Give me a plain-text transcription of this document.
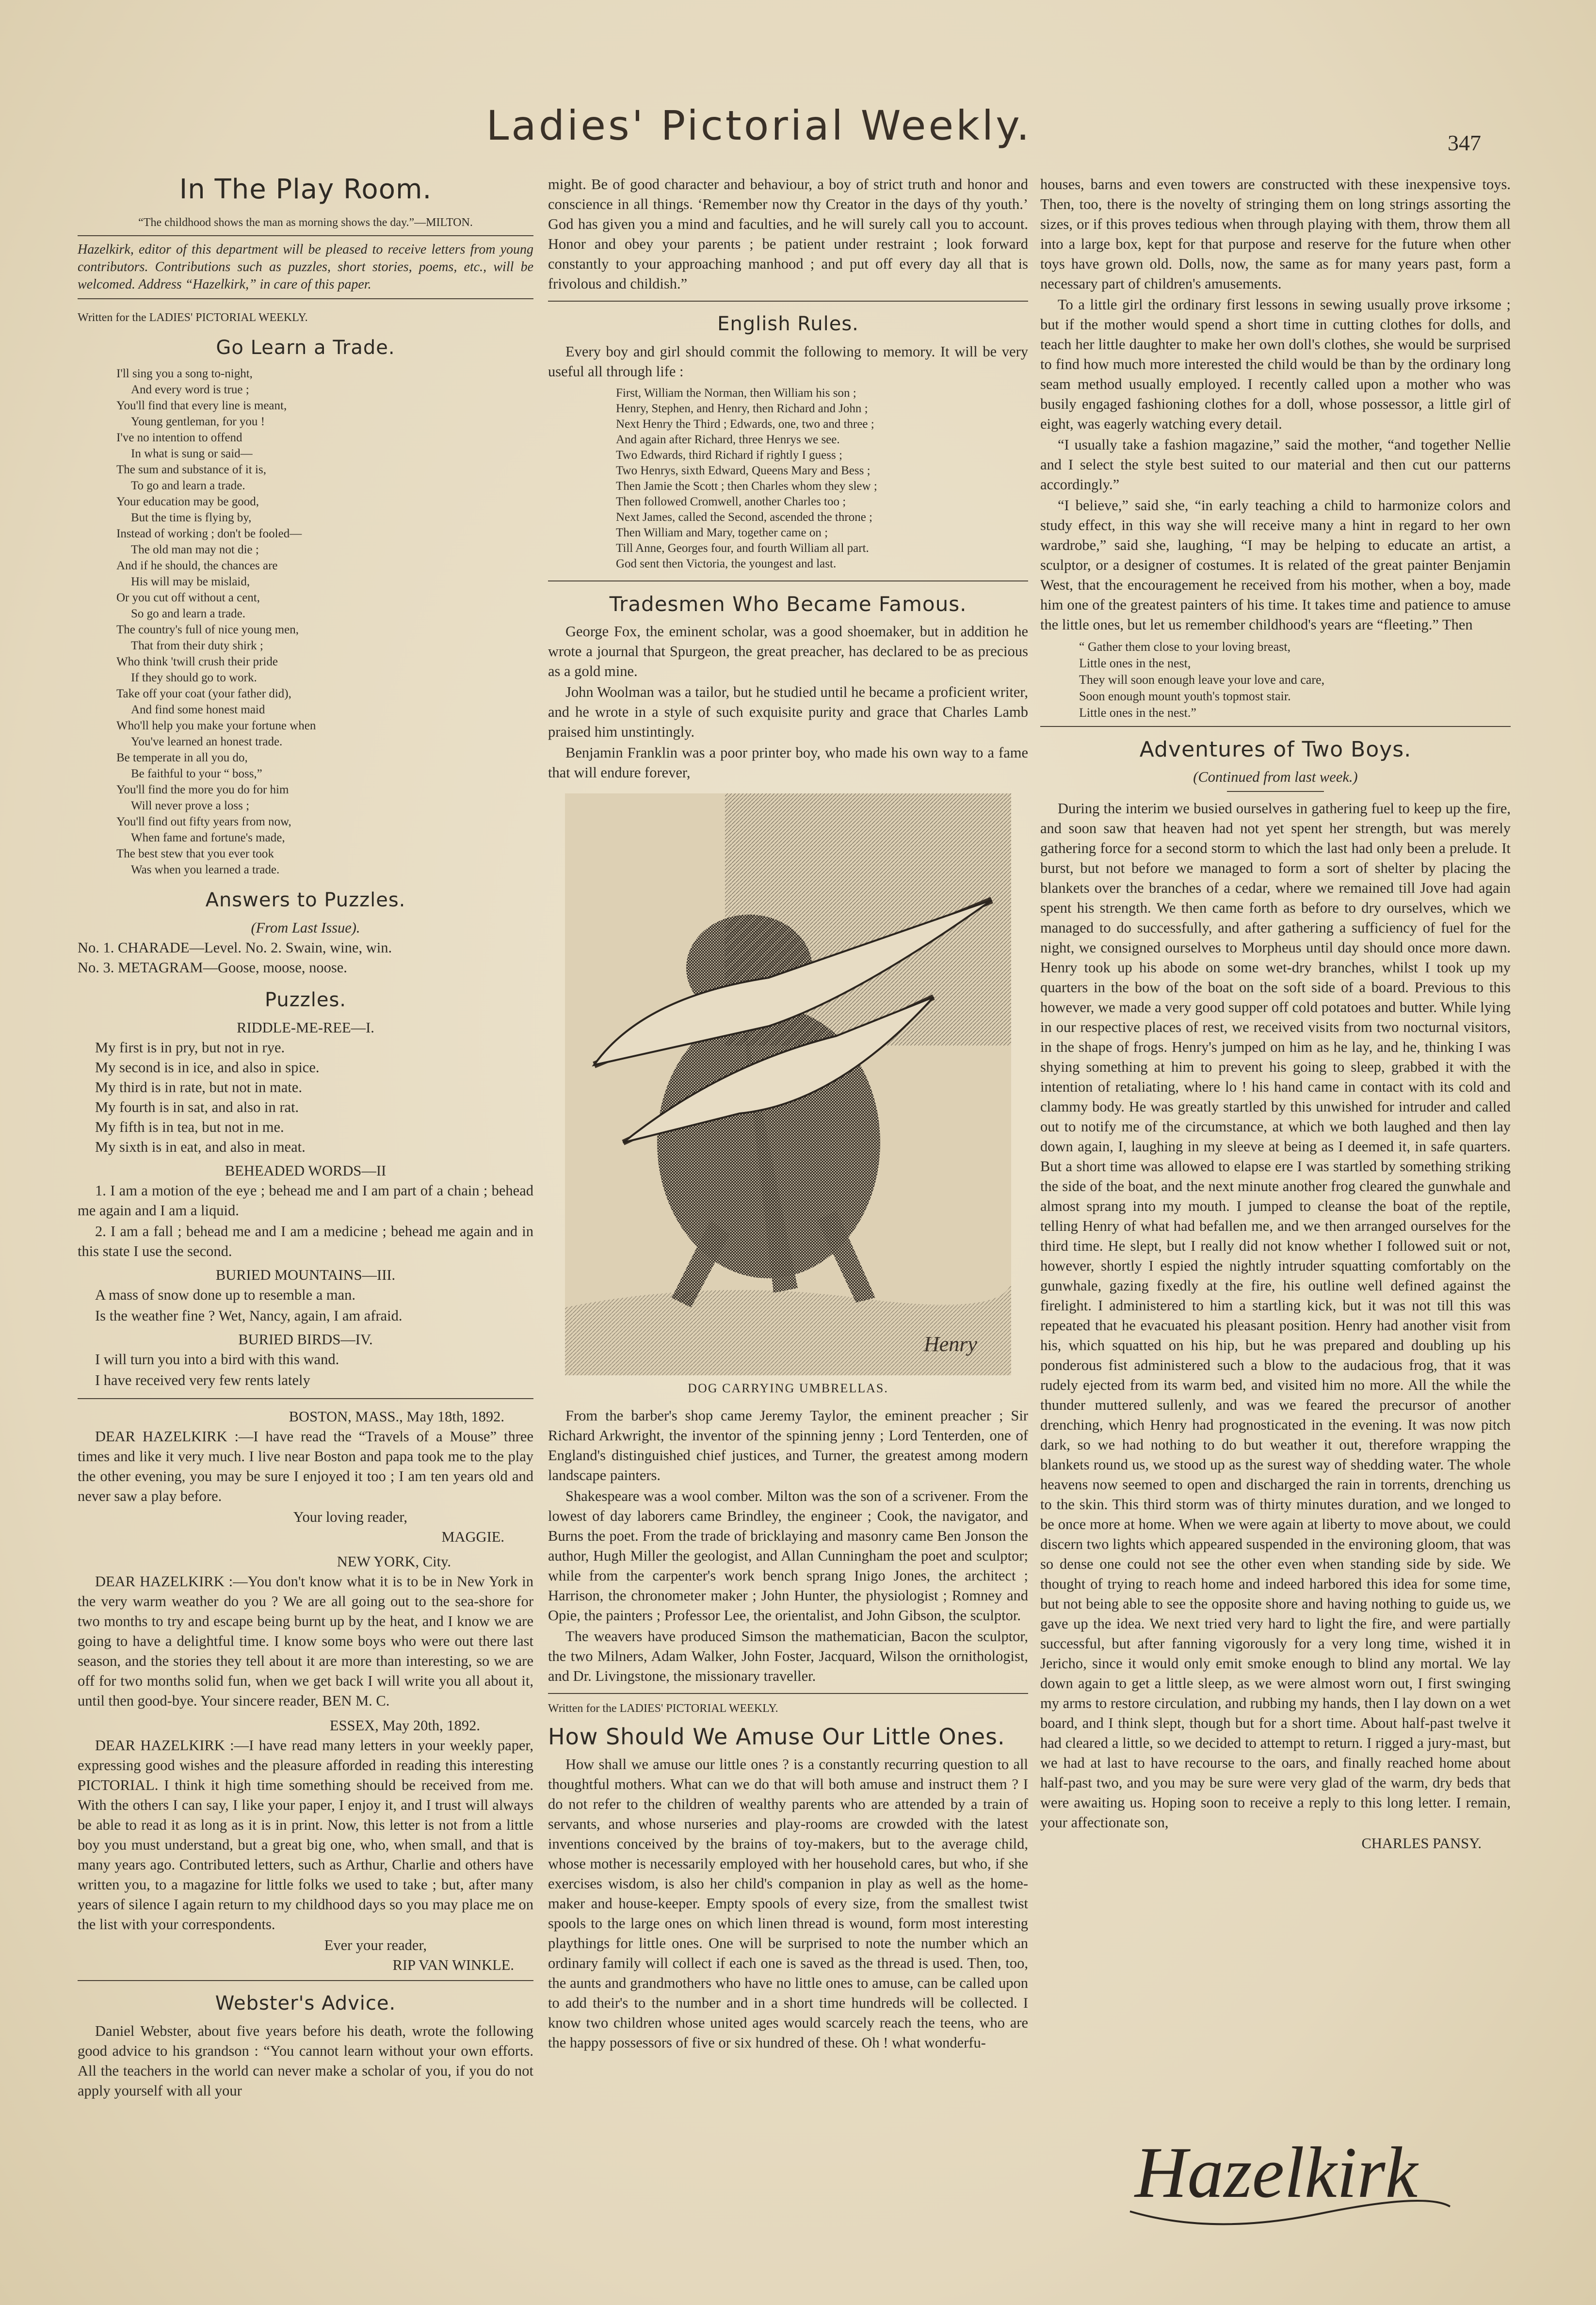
Ladies' Pictorial Weekly.	347
In The Play Room.
“The childhood shows the man as morning shows the day.”—MILTON.
Hazelkirk, editor of this department will be pleased to receive letters from young contributors. Contributions such as puzzles, short stories, poems, etc., will be welcomed. Address “Hazelkirk,” in care of this paper.
Written for the LADIES' PICTORIAL WEEKLY.
Go Learn a Trade.
I'll sing you a song to-night,
And every word is true ;
You'll find that every line is meant,
Young gentleman, for you !
I've no intention to offend
In what is sung or said—
The sum and substance of it is,
To go and learn a trade.
Your education may be good,
But the time is flying by,
Instead of working ; don't be fooled—
The old man may not die ;
And if he should, the chances are
His will may be mislaid,
Or you cut off without a cent,
So go and learn a trade.
The country's full of nice young men,
That from their duty shirk ;
Who think 'twill crush their pride
If they should go to work.
Take off your coat (your father did),
And find some honest maid
Who'll help you make your fortune when
You've learned an honest trade.
Be temperate in all you do,
Be faithful to your “ boss,”
You'll find the more you do for him
Will never prove a loss ;
You'll find out fifty years from now,
When fame and fortune's made,
The best stew that you ever took
Was when you learned a trade.
Answers to Puzzles.
(From Last Issue).
No. 1. CHARADE—Level. No. 2. Swain, wine, win.
No. 3. METAGRAM—Goose, moose, noose.
Puzzles.
RIDDLE-ME-REE—I.
My first is in pry, but not in rye.
My second is in ice, and also in spice.
My third is in rate, but not in mate.
My fourth is in sat, and also in rat.
My fifth is in tea, but not in me.
My sixth is in eat, and also in meat.
BEHEADED WORDS—II

1. I am a motion of the eye ; behead me and I am part of a chain ; behead me again and I am a liquid.

2. I am a fall ; behead me and I am a medicine ; behead me again and in this state I use the second.

BURIED MOUNTAINS—III.

A mass of snow done up to resemble a man.

Is the weather fine ? Wet, Nancy, again, I am afraid.

BURIED BIRDS—IV.

I will turn you into a bird with this wand.

I have received very few rents lately

BOSTON, MASS., May 18th, 1892.

DEAR HAZELKIRK :—I have read the “Travels of a Mouse” three times and like it very much. I live near Boston and papa took me to the play the other evening, you may be sure I enjoyed it too ; I am ten years old and never saw a play before.

Your loving reader,
MAGGIE.
NEW YORK, City.

DEAR HAZELKIRK :—You don't know what it is to be in New York in the very warm weather do you ? We are all going out to the sea-shore for two months to try and escape being burnt up by the heat, and I know we are going to have a delightful time. I know some boys who were out there last season, and the stories they tell about it are more than interesting, so we are off for two months solid fun, when we get back I will write you all about it, until then good-bye. Your sincere reader, BEN M. C.

ESSEX, May 20th, 1892.

DEAR HAZELKIRK :—I have read many letters in your weekly paper, expressing good wishes and the pleasure afforded in reading this interesting PICTORIAL. I think it high time something should be received from me. With the others I can say, I like your paper, I enjoy it, and I trust will always be able to read it as long as it is in print. Now, this letter is not from a little boy you must understand, but a great big one, who, when small, and that is many years ago. Contributed letters, such as Arthur, Charlie and others have written you, to a magazine for little folks we used to take ; but, after many years of silence I again return to my childhood days so you may place me on the list with your correspondents.

Ever your reader,
RIP VAN WINKLE.
Webster's Advice.

Daniel Webster, about five years before his death, wrote the following good advice to his grandson : “You cannot learn without your own efforts. All the teachers in the world can never make a scholar of you, if you do not apply yourself with all your

might. Be of good character and behaviour, a boy of strict truth and honor and conscience in all things. ‘Remember now thy Creator in the days of thy youth.’ God has given you a mind and faculties, and he will surely call you to account. Honor and obey your parents ; be patient under restraint ; look forward constantly to your approaching manhood ; and put off every day all that is frivolous and childish.”

English Rules.

Every boy and girl should commit the following to memory. It will be very useful all through life :

First, William the Norman, then William his son ;
Henry, Stephen, and Henry, then Richard and John ;
Next Henry the Third ; Edwards, one, two and three ;
And again after Richard, three Henrys we see.
Two Edwards, third Richard if rightly I guess ;
Two Henrys, sixth Edward, Queens Mary and Bess ;
Then Jamie the Scott ; then Charles whom they slew ;
Then followed Cromwell, another Charles too ;
Next James, called the Second, ascended the throne ;
Then William and Mary, together came on ;
Till Anne, Georges four, and fourth William all part.
God sent then Victoria, the youngest and last.
Tradesmen Who Became Famous.

George Fox, the eminent scholar, was a good shoemaker, but in addition he wrote a journal that Spurgeon, the great preacher, has declared to be as precious as a gold mine.

John Woolman was a tailor, but he studied until he became a proficient writer, and he wrote in a style of such exquisite purity and grace that Charles Lamb praised him unstintingly.

Benjamin Franklin was a poor printer boy, who made his own way to a fame that will endure forever,

Henry
DOG CARRYING UMBRELLAS.

From the barber's shop came Jeremy Taylor, the eminent preacher ; Sir Richard Arkwright, the inventor of the spinning jenny ; Lord Tenterden, one of England's distinguished chief justices, and Turner, the greatest among modern landscape painters.

Shakespeare was a wool comber. Milton was the son of a scrivener. From the lowest of day laborers came Brindley, the engineer ; Cook, the navigator, and Burns the poet. From the trade of bricklaying and masonry came Ben Jonson the author, Hugh Miller the geologist, and Allan Cunningham the poet and sculptor; while from the carpenter's work bench sprang Inigo Jones, the architect ; Harrison, the chronometer maker ; John Hunter, the physiologist ; Romney and Opie, the painters ; Professor Lee, the orientalist, and John Gibson, the sculptor.

The weavers have produced Simson the mathematician, Bacon the sculptor, the two Milners, Adam Walker, John Foster, Jacquard, Wilson the ornithologist, and Dr. Livingstone, the missionary traveller.

Written for the LADIES' PICTORIAL WEEKLY.
How Should We Amuse Our Little Ones.

How shall we amuse our little ones ? is a constantly recurring question to all thoughtful mothers. What can we do that will both amuse and instruct them ? I do not refer to the children of wealthy parents who are attended by a train of servants, and whose nurseries and play-rooms are crowded with the latest inventions conceived by the brains of toy-makers, but to the average child, whose mother is necessarily employed with her household cares, but who, if she exercises wisdom, is also her child's companion in play as well as the home-maker and house-keeper. Empty spools of every size, from the smallest twist spools to the large ones on which linen thread is wound, form most interesting playthings for little ones. One will be surprised to note the number which an ordinary family will collect if each one is saved as the thread is used. Then, too, the aunts and grandmothers who have no little ones to amuse, can be called upon to add their's to the number and in a short time hundreds will be collected. I know two children whose united ages would scarcely reach the teens, who are the happy possessors of five or six hundred of these. Oh ! what wonderfu-

houses, barns and even towers are constructed with these inexpensive toys. Then, too, there is the novelty of stringing them on long strings assorting the sizes, or if this proves tedious when through playing with them, throw them all into a large box, kept for that purpose and reserve for the future when other toys have grown old. Dolls, now, the same as for many years past, form a necessary part of children's amusements.

To a little girl the ordinary first lessons in sewing usually prove irksome ; but if the mother would spend a short time in cutting clothes for dolls, and teach her little daughter to make her own doll's clothes, she would be surprised to find how much more interested the child would be than by the ordinary long seam method usually employed. I recently called upon a mother who was busily engaged fashioning clothes for a doll, whose possessor, a little girl of eight, was eagerly watching every detail.

“I usually take a fashion magazine,” said the mother, “and together Nellie and I select the style best suited to our material and then cut our patterns accordingly.”

“I believe,” said she, “in early teaching a child to harmonize colors and study effect, in this way she will receive many a hint in regard to her own wardrobe,” said she, laughing, “I may be helping to educate an artist, a sculptor, or a designer of costumes. It is related of the great painter Benjamin West, that the encouragement he received from his mother, when a boy, made him one of the greatest painters of his time. It takes time and patience to amuse the little ones, but let us remember childhood's years are “fleeting.” Then

“ Gather them close to your loving breast,
Little ones in the nest,
They will soon enough leave your love and care,
Soon enough mount youth's topmost stair.
Little ones in the nest.”
Adventures of Two Boys.
(Continued from last week.)

During the interim we busied ourselves in gathering fuel to keep up the fire, and soon saw that heaven had not yet spent her strength, but was merely gathering force for a second storm to which the last had only been a prelude. It burst, but not before we managed to form a sort of shelter by placing the blankets over the branches of a cedar, where we remained till Jove had again spent his strength. We then came forth as before to dry ourselves, which we managed to do successfully, and after gathering a sufficiency of fuel for the night, we consigned ourselves to Morpheus until day should once more dawn. Henry took up his abode on some wet-dry branches, whilst I took up my quarters in the bow of the boat on the soft side of a board. Previous to this however, we made a very good supper off cold potatoes and butter. While lying in our respective places of rest, we received visits from two nocturnal visitors, in the shape of frogs. Henry's jumped on him as he lay, and he, thinking I was shying something at him to prevent his going to sleep, grabbed it with the intention of retaliating, where lo ! his hand came in contact with its cold and clammy body. He was greatly startled by this unwished for intruder and called out to notify me of the circumstance, at which we both laughed and then lay down again, I, laughing in my sleeve at being as I deemed it, in safe quarters. But a short time was allowed to elapse ere I was startled by something striking the side of the boat, and the next minute another frog cleared the gunwhale and almost sprang into my mouth. I jumped to cleanse the boat of the reptile, telling Henry of what had befallen me, and we then arranged ourselves for the third time. He slept, but I really did not know whether I followed suit or not, however, shortly I espied the nightly intruder squatting comfortably on the gunwhale, gazing fixedly at the fire, his outline well defined against the firelight. I administered to him a startling kick, but it was not till this was repeated that he evacuated his pleasant position. Henry had another visit from his, which squatted on his hip, but he was prepared and doubling up his ponderous fist administered such a blow to the audacious frog, that it was rudely ejected from its warm bed, and visited him no more. All the while the thunder muttered sullenly, and was we feared the precursor of another drenching, which Henry had prognosticated in the evening. It was now pitch dark, so we had nothing to do but weather it out, therefore wrapping the blankets round us, we stood up as the surest way of shedding water. The whole heavens now seemed to open and discharged the rain in torrents, drenching us to the skin. This third storm was of thirty minutes duration, and we longed to be once more at home. When we were again at liberty to move about, we could discern two lights which appeared suspended in the environing gloom, that was so dense one could not see the other even when standing side by side. We thought of trying to reach home and indeed harbored this idea for some time, but not being able to see the opposite shore and having nothing to guide us, we gave up the idea. We next tried very hard to light the fire, and were partially successful, but after fanning vigorously for a very long time, wished it in Jericho, since it would only emit smoke enough to blind any mortal. We lay down again to get a little sleep, as we were almost worn out, I first swinging my arms to restore circulation, and rubbing my hands, then I lay down on a wet board, and I think slept, though but for a short time. About half-past twelve it had cleared a little, so we decided to attempt to return. I rigged a jury-mast, but we had at last to have recourse to the oars, and finally reached home about half-past two, and you may be sure were very glad of the warm, dry beds that were awaiting us. Hoping soon to receive a reply to this long letter. I remain, your affectionate son,

CHARLES PANSY.
Hazelkirk
